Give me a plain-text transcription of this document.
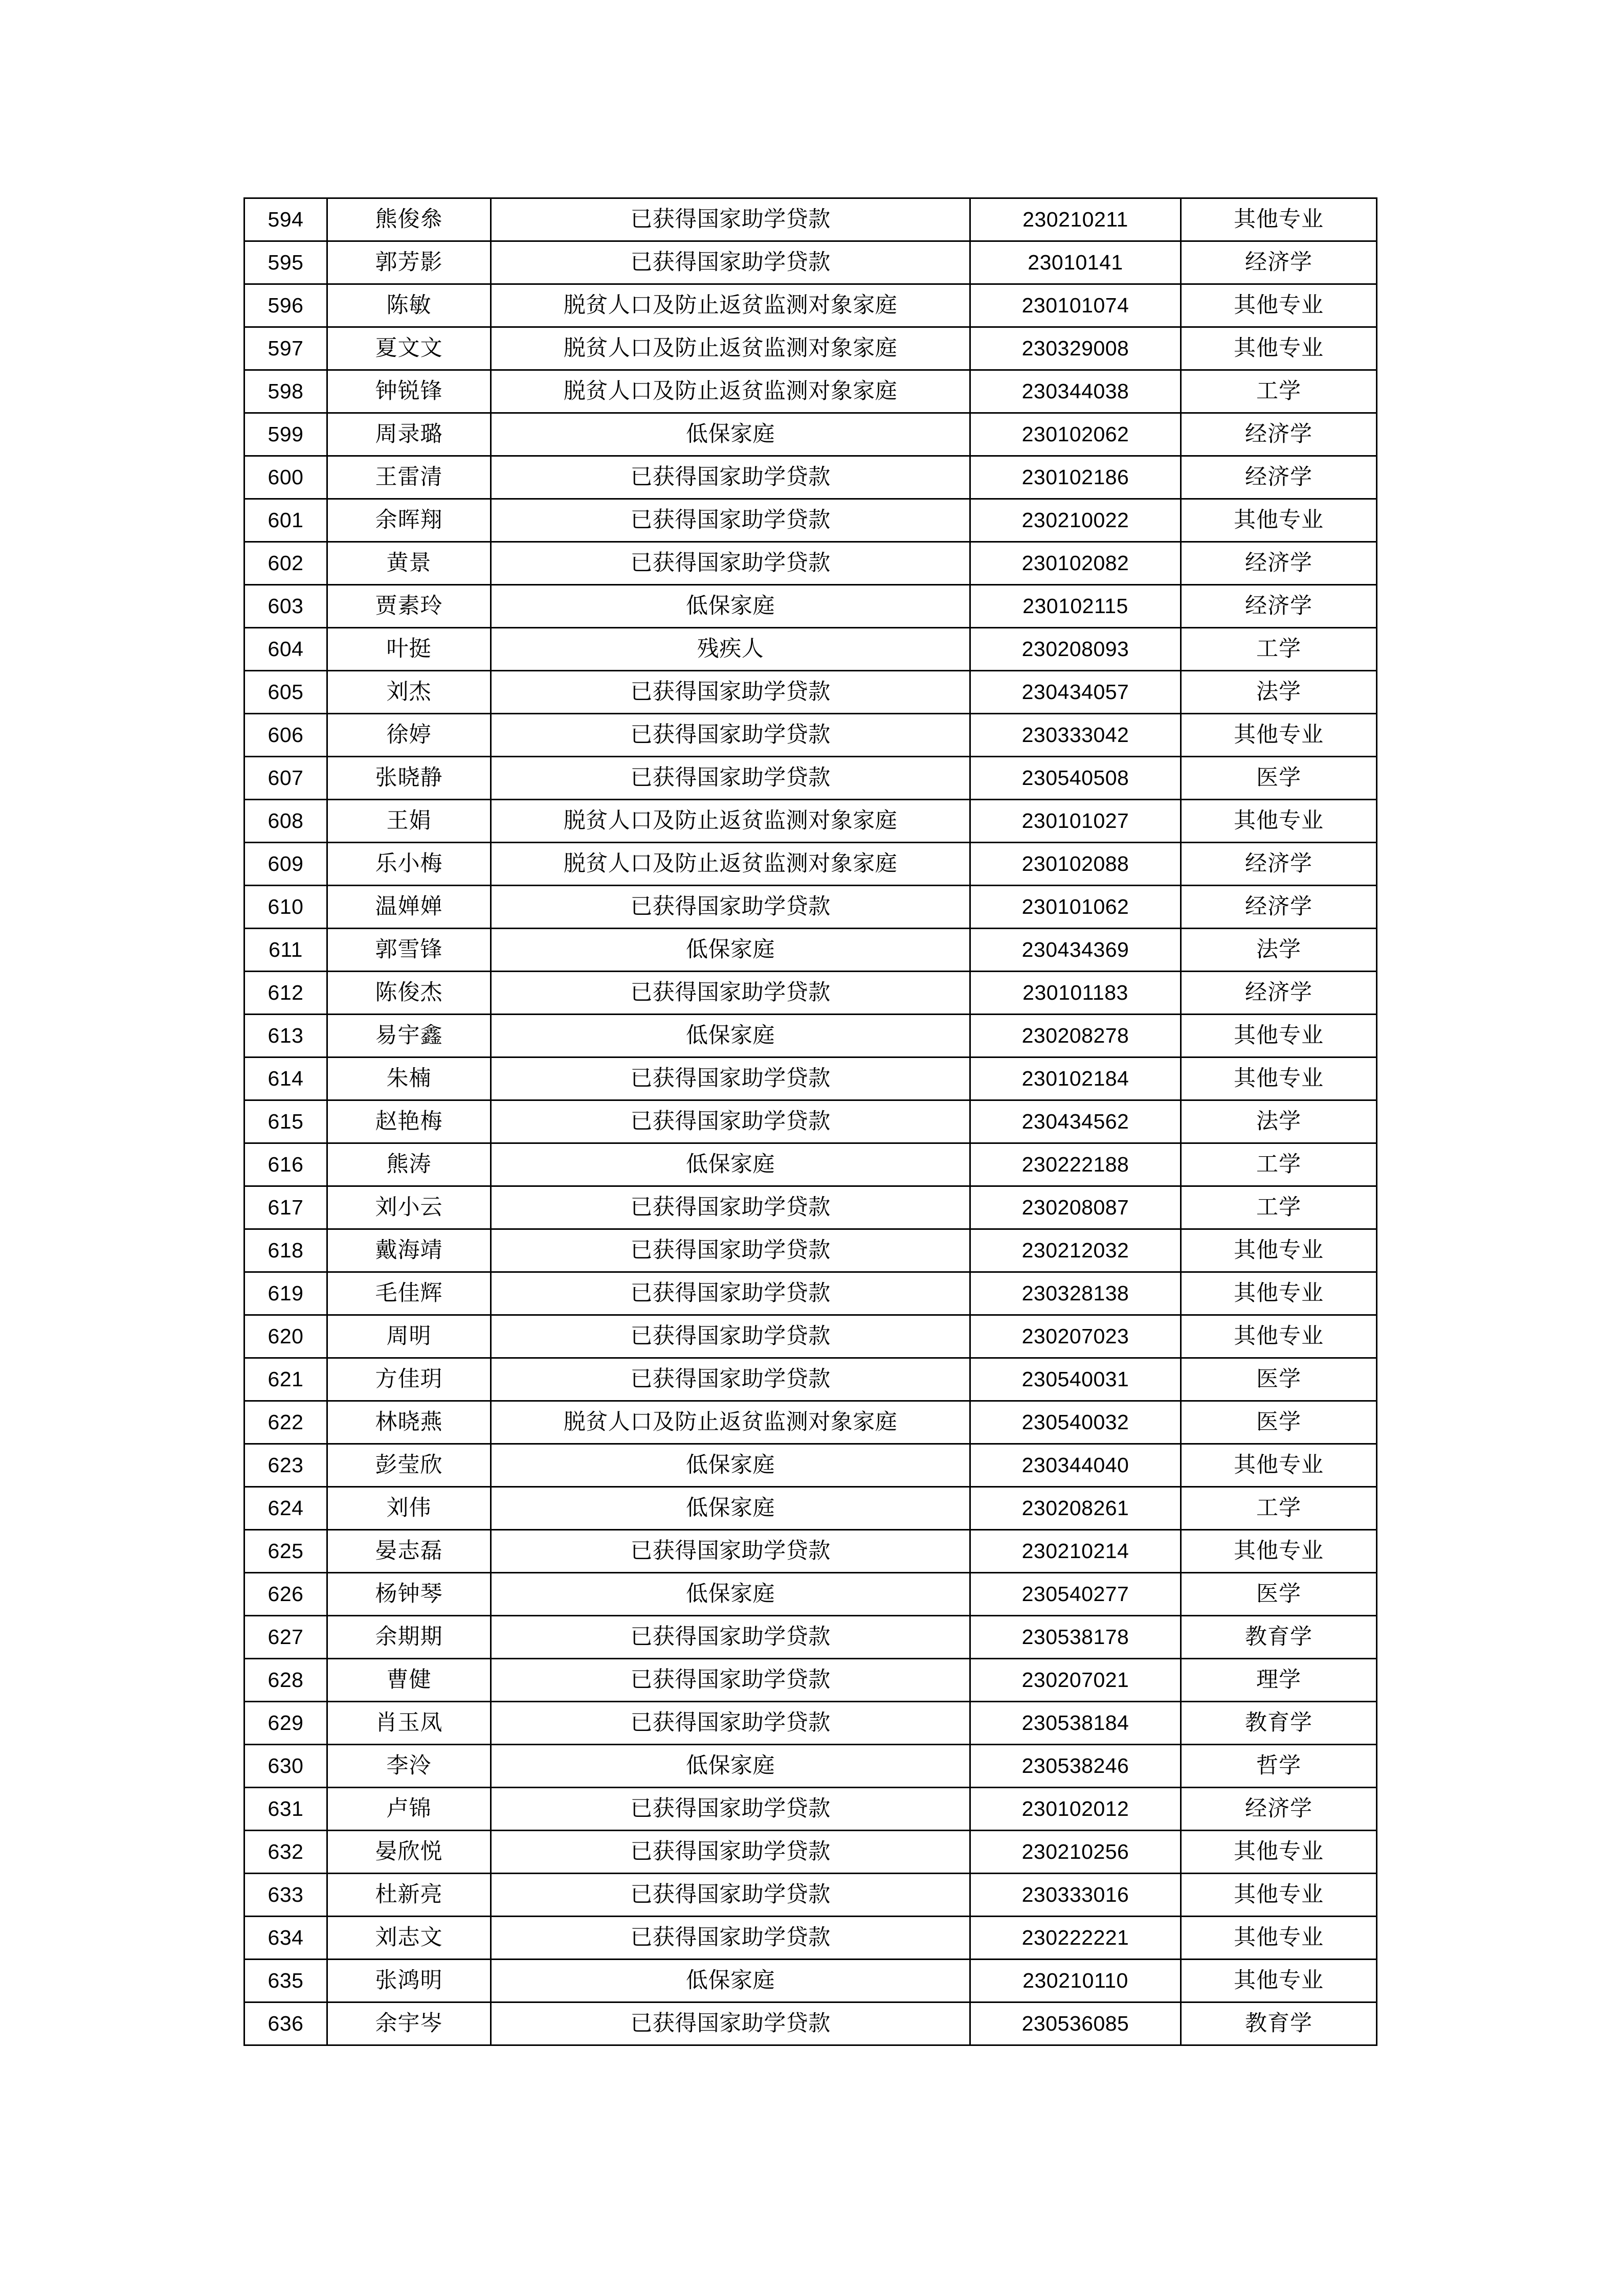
594	熊俊叅	已获得国家助学贷款	230210211	其他专业
595	郭芳影	已获得国家助学贷款	23010141	经济学
596	陈敏	脱贫人口及防止返贫监测对象家庭	230101074	其他专业
597	夏文文	脱贫人口及防止返贫监测对象家庭	230329008	其他专业
598	钟锐锋	脱贫人口及防止返贫监测对象家庭	230344038	工学
599	周录璐	低保家庭	230102062	经济学
600	王雷清	已获得国家助学贷款	230102186	经济学
601	余晖翔	已获得国家助学贷款	230210022	其他专业
602	黄景	已获得国家助学贷款	230102082	经济学
603	贾素玲	低保家庭	230102115	经济学
604	叶挺	残疾人	230208093	工学
605	刘杰	已获得国家助学贷款	230434057	法学
606	徐婷	已获得国家助学贷款	230333042	其他专业
607	张晓静	已获得国家助学贷款	230540508	医学
608	王娟	脱贫人口及防止返贫监测对象家庭	230101027	其他专业
609	乐小梅	脱贫人口及防止返贫监测对象家庭	230102088	经济学
610	温婵婵	已获得国家助学贷款	230101062	经济学
611	郭雪锋	低保家庭	230434369	法学
612	陈俊杰	已获得国家助学贷款	230101183	经济学
613	易宇鑫	低保家庭	230208278	其他专业
614	朱楠	已获得国家助学贷款	230102184	其他专业
615	赵艳梅	已获得国家助学贷款	230434562	法学
616	熊涛	低保家庭	230222188	工学
617	刘小云	已获得国家助学贷款	230208087	工学
618	戴海靖	已获得国家助学贷款	230212032	其他专业
619	毛佳辉	已获得国家助学贷款	230328138	其他专业
620	周明	已获得国家助学贷款	230207023	其他专业
621	方佳玥	已获得国家助学贷款	230540031	医学
622	林晓燕	脱贫人口及防止返贫监测对象家庭	230540032	医学
623	彭莹欣	低保家庭	230344040	其他专业
624	刘伟	低保家庭	230208261	工学
625	晏志磊	已获得国家助学贷款	230210214	其他专业
626	杨钟琴	低保家庭	230540277	医学
627	余期期	已获得国家助学贷款	230538178	教育学
628	曹健	已获得国家助学贷款	230207021	理学
629	肖玉凤	已获得国家助学贷款	230538184	教育学
630	李泠	低保家庭	230538246	哲学
631	卢锦	已获得国家助学贷款	230102012	经济学
632	晏欣悦	已获得国家助学贷款	230210256	其他专业
633	杜新亮	已获得国家助学贷款	230333016	其他专业
634	刘志文	已获得国家助学贷款	230222221	其他专业
635	张鸿明	低保家庭	230210110	其他专业
636	余宇岑	已获得国家助学贷款	230536085	教育学
